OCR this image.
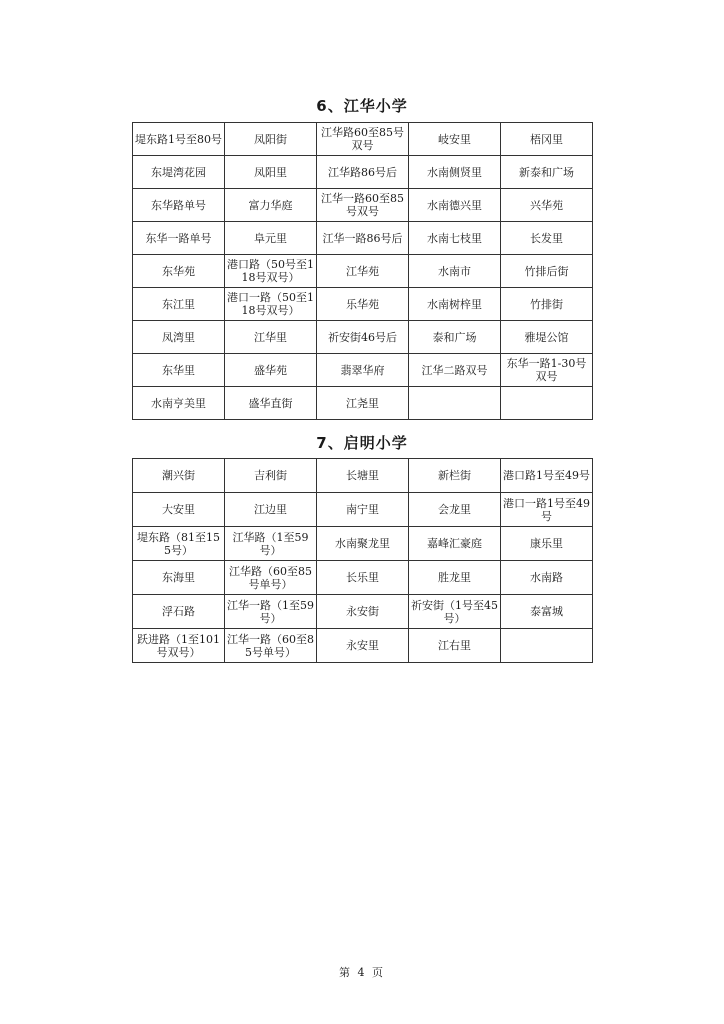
6、江华小学
堤东路1号至80号	凤阳街	江华路60至85号双号	岐安里	梧冈里
东堤湾花园	凤阳里	江华路86号后	水南侧贤里	新泰和广场
东华路单号	富力华庭	江华一路60至85号双号	水南德兴里	兴华苑
东华一路单号	阜元里	江华一路86号后	水南七枝里	长发里
东华苑	港口路（50号至118号双号）	江华苑	水南市	竹排后街
东江里	港口一路（50至118号双号）	乐华苑	水南树梓里	竹排街
凤湾里	江华里	祈安街46号后	泰和广场	雅堤公馆
东华里	盛华苑	翡翠华府	江华二路双号	东华一路1-30号双号
水南亨美里	盛华直街	江尧里		
7、启明小学
潮兴街	吉利街	长塘里	新栏街	港口路1号至49号
大安里	江边里	南宁里	会龙里	港口一路1号至49号
堤东路（81至155号）	江华路（1至59号）	水南聚龙里	嘉峰汇豪庭	康乐里
东海里	江华路（60至85号单号）	长乐里	胜龙里	水南路
浮石路	江华一路（1至59号）	永安街	祈安街（1号至45号）	泰富城
跃进路（1至101号双号）	江华一路（60至85号单号）	永安里	江右里	
第 4 页
